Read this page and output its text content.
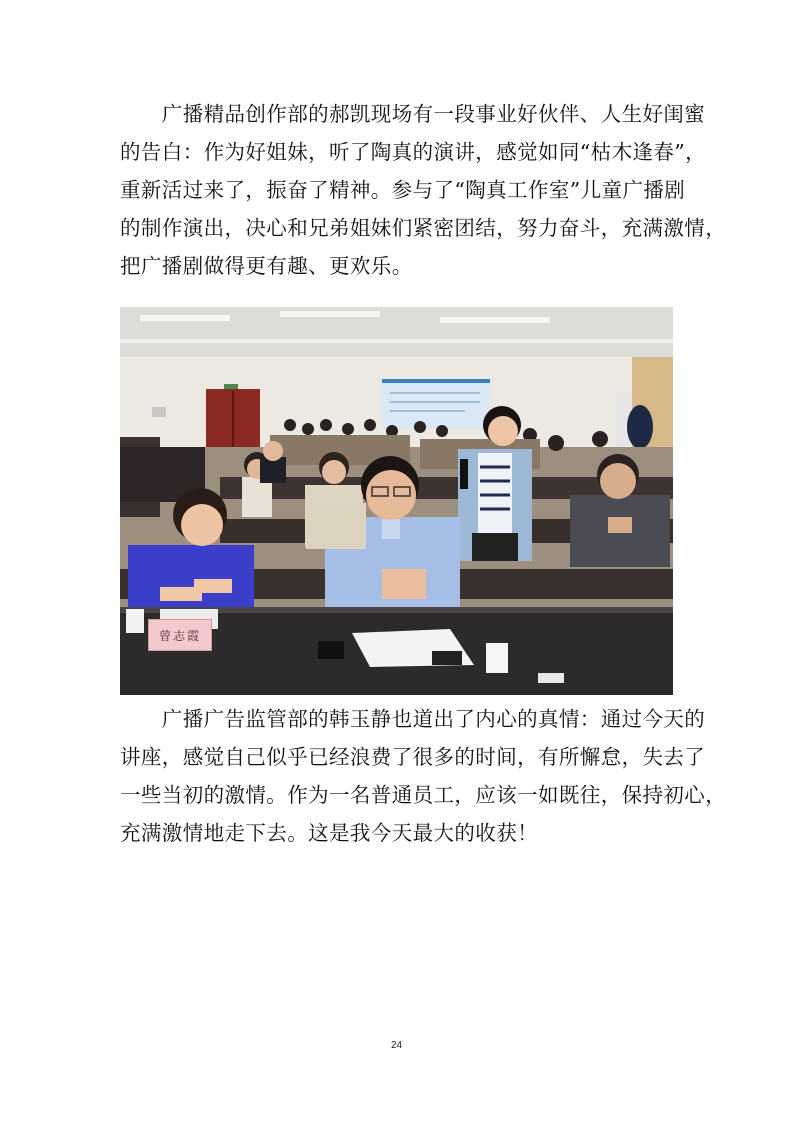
　　广播精品创作部的郝凯现场有一段事业好伙伴、人生好闺蜜
的告白：作为好姐妹，听了陶真的演讲，感觉如同“枯木逢春”，
重新活过来了，振奋了精神。参与了“陶真工作室”儿童广播剧
的制作演出，决心和兄弟姐妹们紧密团结，努力奋斗，充满激情，
把广播剧做得更有趣、更欢乐。
曾志霞
　　广播广告监管部的韩玉静也道出了内心的真情：通过今天的
讲座，感觉自己似乎已经浪费了很多的时间，有所懈怠，失去了
一些当初的激情。作为一名普通员工，应该一如既往，保持初心，
充满激情地走下去。这是我今天最大的收获！
24
